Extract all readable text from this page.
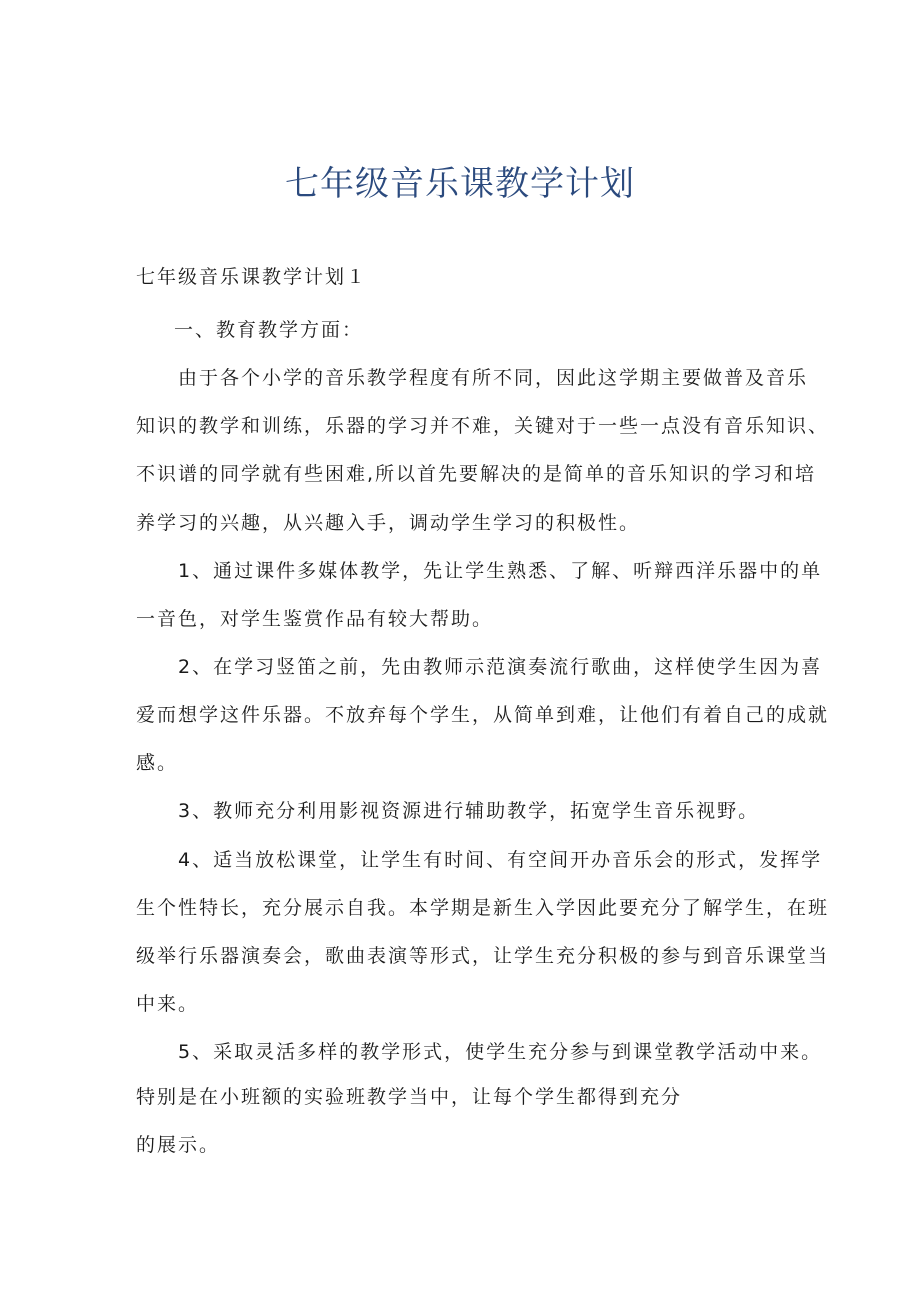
七年级音乐课教学计划
七年级音乐课教学计划１
一、教育教学方面：
由于各个小学的音乐教学程度有所不同，因此这学期主要做普及音乐
知识的教学和训练，乐器的学习并不难，关键对于一些一点没有音乐知识、
不识谱的同学就有些困难,所以首先要解决的是简单的音乐知识的学习和培
养学习的兴趣，从兴趣入手，调动学生学习的积极性。
1、通过课件多媒体教学，先让学生熟悉、了解、听辩西洋乐器中的单
一音色，对学生鉴赏作品有较大帮助。
2、在学习竖笛之前，先由教师示范演奏流行歌曲，这样使学生因为喜
爱而想学这件乐器。不放弃每个学生，从简单到难，让他们有着自己的成就
感。
3、教师充分利用影视资源进行辅助教学，拓宽学生音乐视野。
4、适当放松课堂，让学生有时间、有空间开办音乐会的形式，发挥学
生个性特长，充分展示自我。本学期是新生入学因此要充分了解学生，在班
级举行乐器演奏会，歌曲表演等形式，让学生充分积极的参与到音乐课堂当
中来。
5、采取灵活多样的教学形式，使学生充分参与到课堂教学活动中来。
特别是在小班额的实验班教学当中，让每个学生都得到充分
的展示。
